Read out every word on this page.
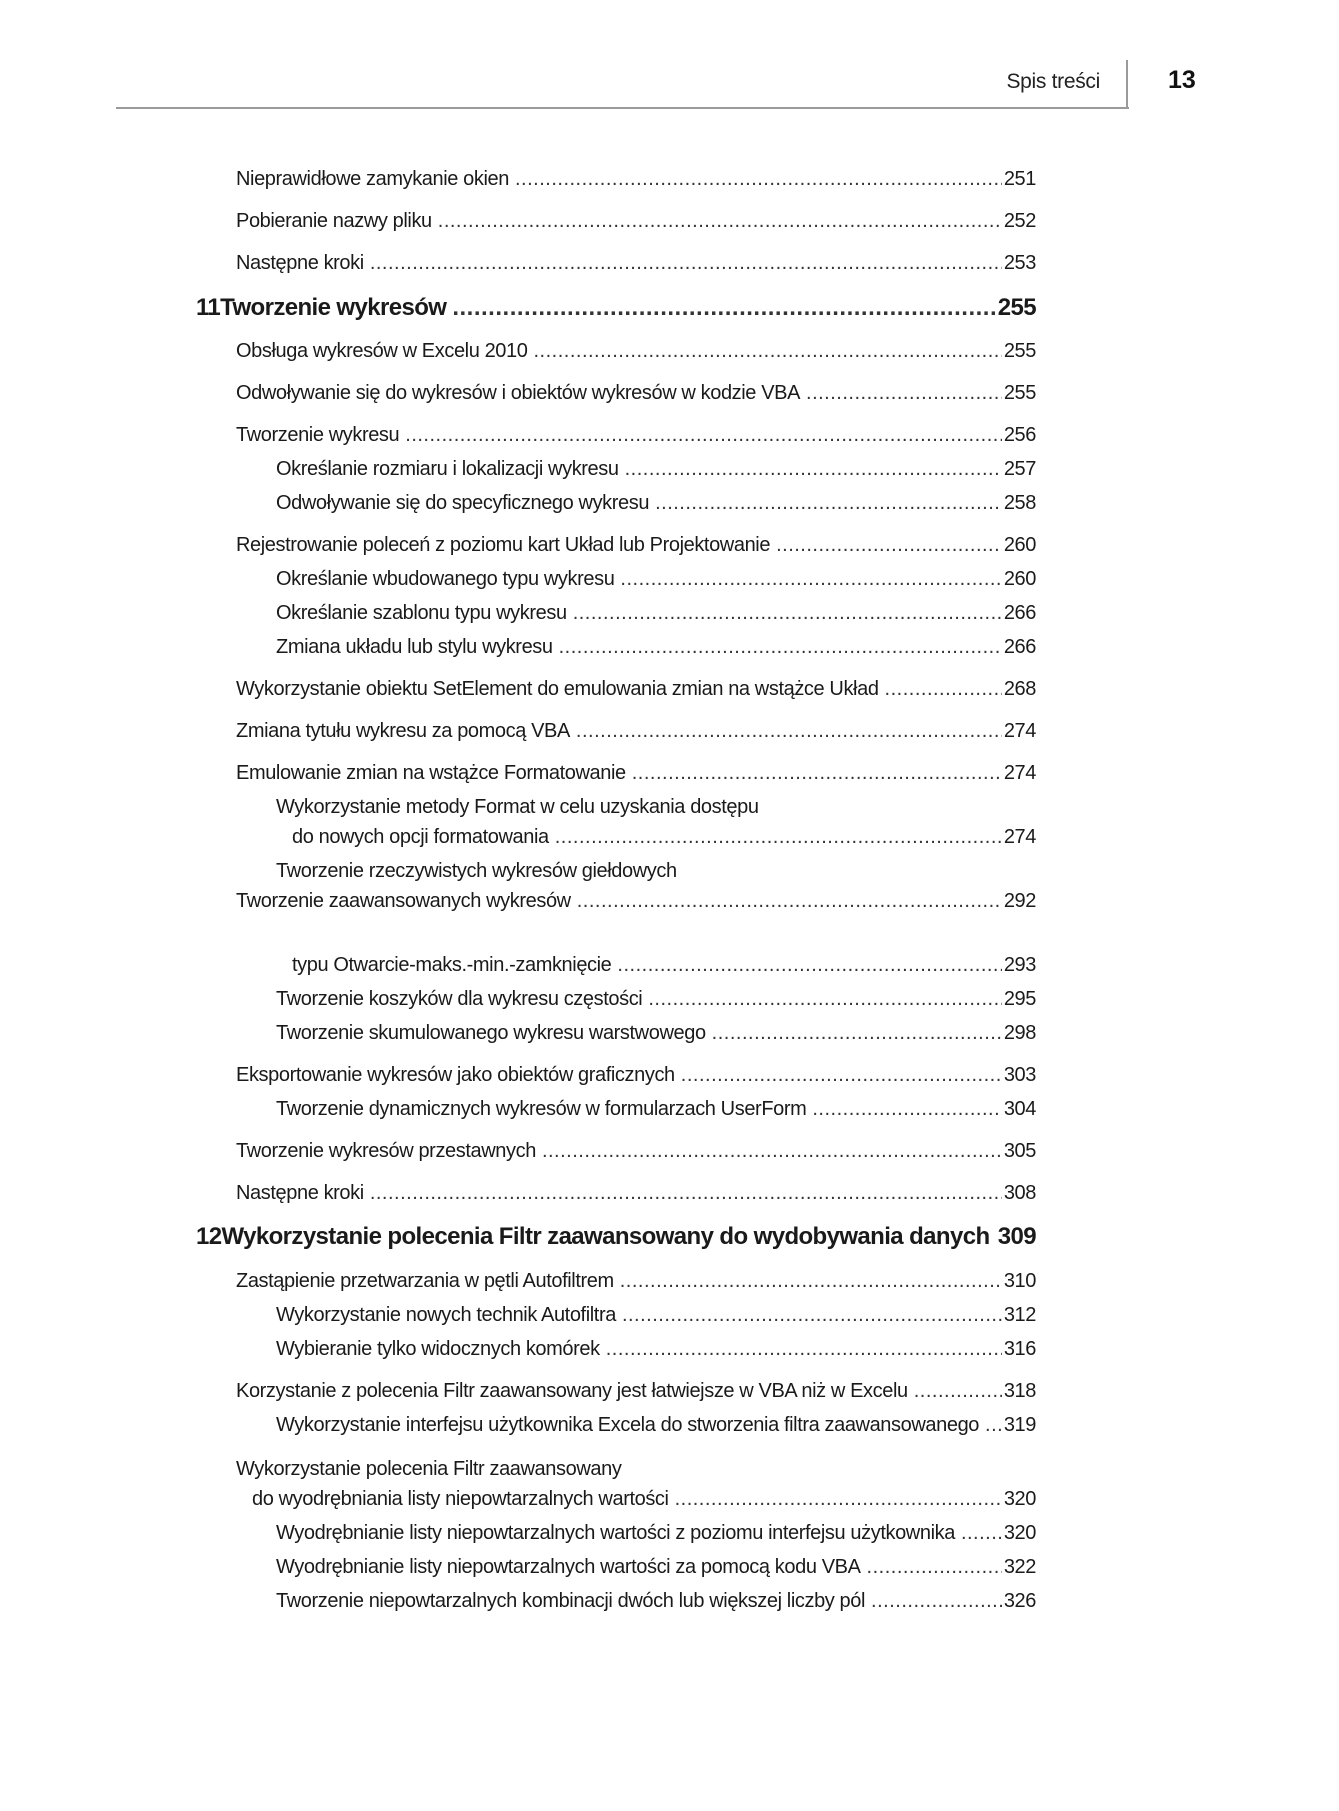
Spis treści	13
Nieprawidłowe zamykanie okien .....	251
Pobieranie nazwy pliku .....	252
Następne kroki .....	253
11 Tworzenie wykresów .....	255
Obsługa wykresów w Excelu 2010 .....	255
Odwoływanie się do wykresów i obiektów wykresów w kodzie VBA .....	255
Tworzenie wykresu .....	256
Określanie rozmiaru i lokalizacji wykresu .....	257
Odwoływanie się do specyficznego wykresu .....	258
Rejestrowanie poleceń z poziomu kart Układ lub Projektowanie .....	260
Określanie wbudowanego typu wykresu .....	260
Określanie szablonu typu wykresu .....	266
Zmiana układu lub stylu wykresu .....	266
Wykorzystanie obiektu SetElement do emulowania zmian na wstążce Układ .....	268
Zmiana tytułu wykresu za pomocą VBA .....	274
Emulowanie zmian na wstążce Formatowanie .....	274
Wykorzystanie metody Format w celu uzyskania dostępu
do nowych opcji formatowania .....	274
Tworzenie zaawansowanych wykresów .....	292
Tworzenie rzeczywistych wykresów giełdowych
typu Otwarcie-maks.-min.-zamknięcie .....	293
Tworzenie koszyków dla wykresu częstości .....	295
Tworzenie skumulowanego wykresu warstwowego .....	298
Eksportowanie wykresów jako obiektów graficznych .....	303
Tworzenie dynamicznych wykresów w formularzach UserForm .....	304
Tworzenie wykresów przestawnych .....	305
Następne kroki .....	308
12 Wykorzystanie polecenia Filtr zaawansowany do wydobywania danych ..... 309
Zastąpienie przetwarzania w pętli Autofiltrem .....	310
Wykorzystanie nowych technik Autofiltra .....	312
Wybieranie tylko widocznych komórek .....	316
Korzystanie z polecenia Filtr zaawansowany jest łatwiejsze w VBA niż w Excelu .....	318
Wykorzystanie interfejsu użytkownika Excela do stworzenia filtra zaawansowanego ..... 319
Wykorzystanie polecenia Filtr zaawansowany
do wyodrębniania listy niepowtarzalnych wartości .....	320
Wyodrębnianie listy niepowtarzalnych wartości z poziomu interfejsu użytkownika ..... 320
Wyodrębnianie listy niepowtarzalnych wartości za pomocą kodu VBA .....	322
Tworzenie niepowtarzalnych kombinacji dwóch lub większej liczby pól .....	326
